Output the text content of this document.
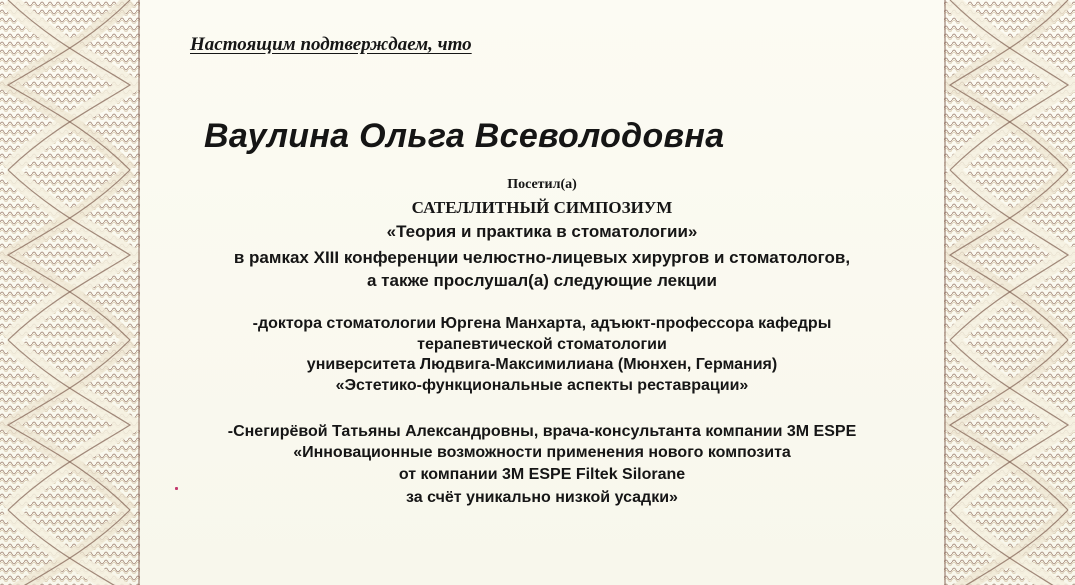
Настоящим подтверждаем, что
Ваулина Ольга Всеволодовна
Посетил(а)
САТЕЛЛИТНЫЙ СИМПОЗИУМ
«Теория и практика в стоматологии»
в рамках XIII конференции челюстно-лицевых хирургов и стоматологов,
а также прослушал(а) следующие лекции
-доктора стоматологии Юргена Манхарта, адъюкт-профессора кафедры
терапевтической стоматологии
университета Людвига-Максимилиана (Мюнхен, Германия)
«Эстетико-функциональные аспекты реставрации»
-Снегирёвой Татьяны Александровны, врача-консультанта компании 3M ESPE
«Инновационные возможности применения нового композита
от компании 3M ESPE Filtek Silorane
за счёт уникально низкой усадки»
